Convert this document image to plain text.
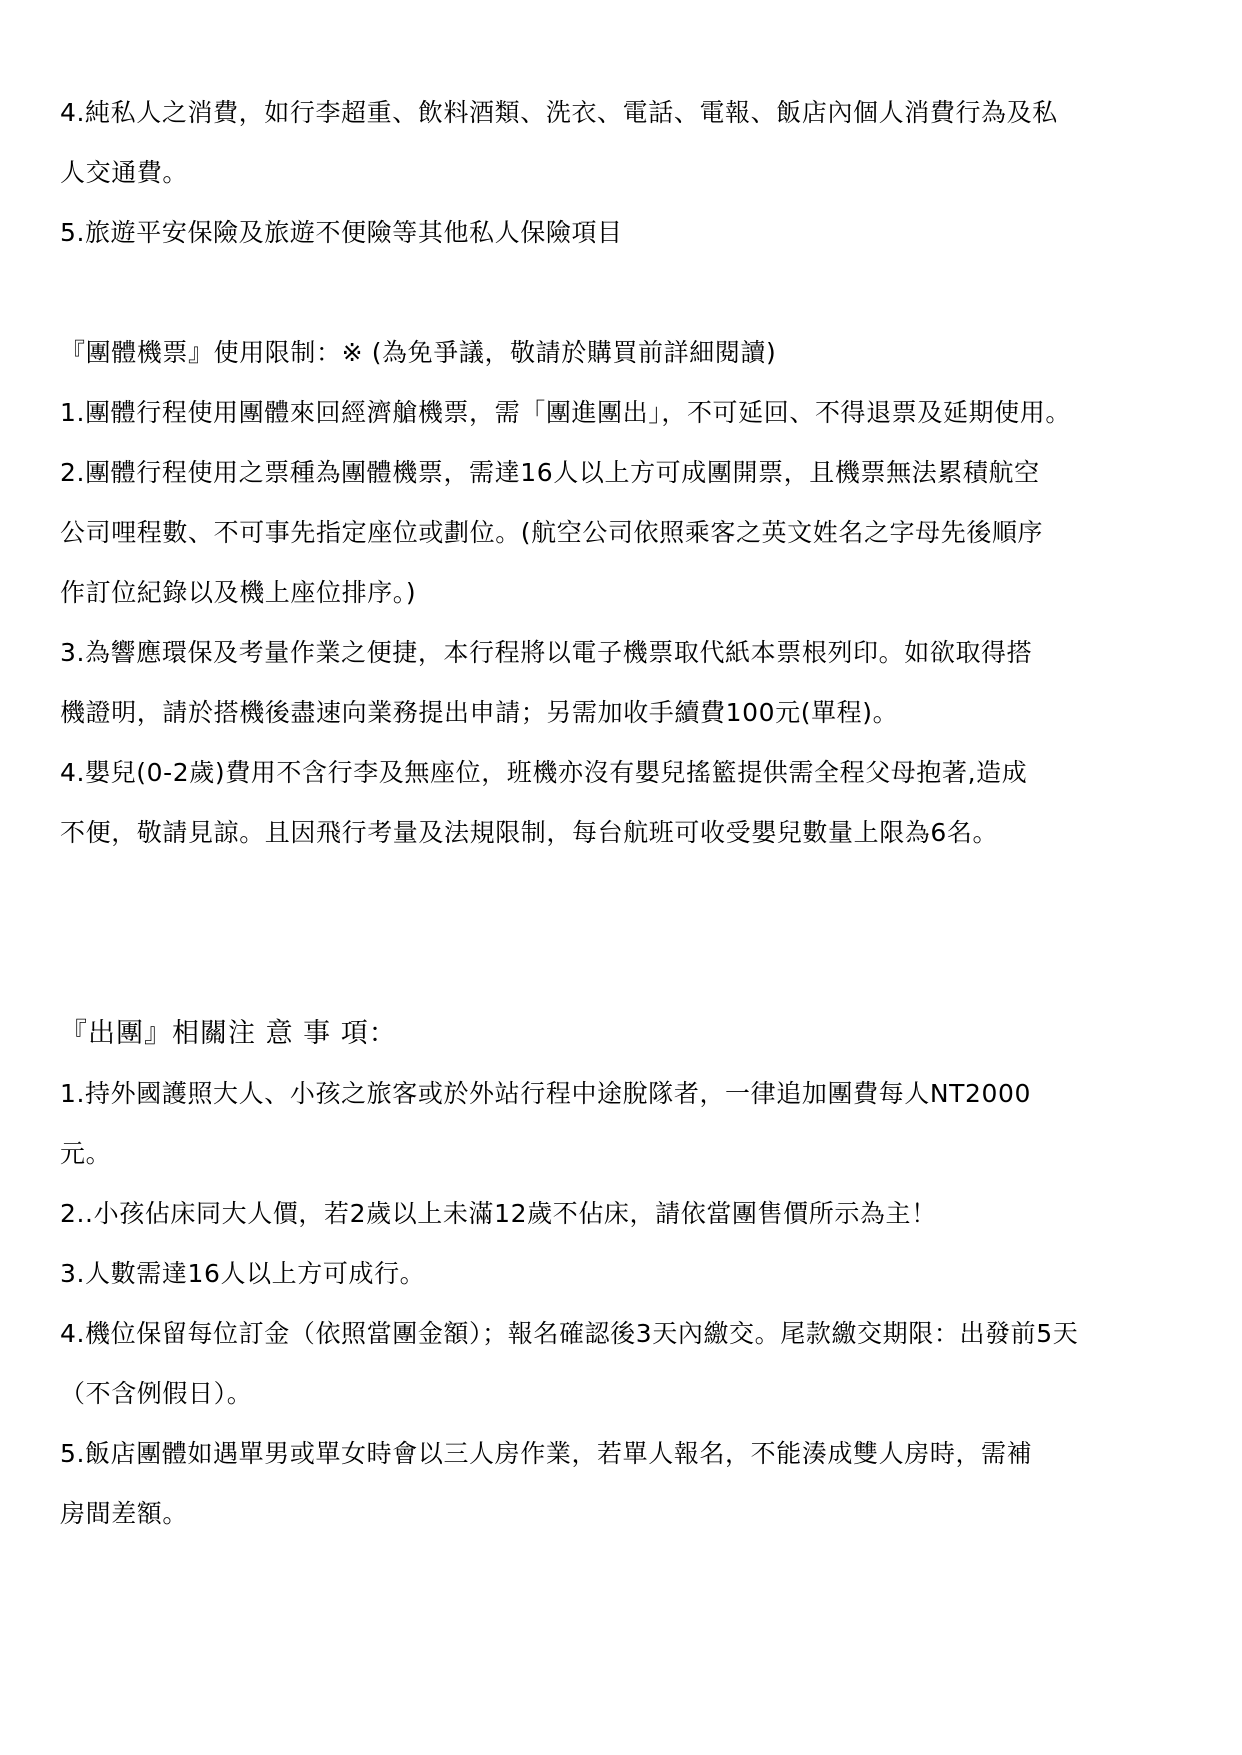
4.純私人之消費，如行李超重、飲料酒類、洗衣、電話、電報、飯店內個人消費行為及私
人交通費。
5.旅遊平安保險及旅遊不便險等其他私人保險項目
『團體機票』使用限制：※ (為免爭議，敬請於購買前詳細閱讀)
1.團體行程使用團體來回經濟艙機票，需「團進團出」，不可延回、不得退票及延期使用。
2.團體行程使用之票種為團體機票，需達16人以上方可成團開票，且機票無法累積航空
公司哩程數、不可事先指定座位或劃位。(航空公司依照乘客之英文姓名之字母先後順序
作訂位紀錄以及機上座位排序。)
3.為響應環保及考量作業之便捷，本行程將以電子機票取代紙本票根列印。如欲取得搭
機證明，請於搭機後盡速向業務提出申請；另需加收手續費100元(單程)。
4.嬰兒(0-2歲)費用不含行李及無座位，班機亦沒有嬰兒搖籃提供需全程父母抱著,造成
不便，敬請見諒。且因飛行考量及法規限制，每台航班可收受嬰兒數量上限為6名。
『出團』相關注 意 事 項：
1.持外國護照大人、小孩之旅客或於外站行程中途脫隊者，一律追加團費每人NT2000
元。
2..小孩佔床同大人價，若2歲以上未滿12歲不佔床，請依當團售價所示為主！
3.人數需達16人以上方可成行。
4.機位保留每位訂金（依照當團金額）；報名確認後3天內繳交。尾款繳交期限：出發前5天
（不含例假日）。
5.飯店團體如遇單男或單女時會以三人房作業，若單人報名，不能湊成雙人房時，需補
房間差額。
